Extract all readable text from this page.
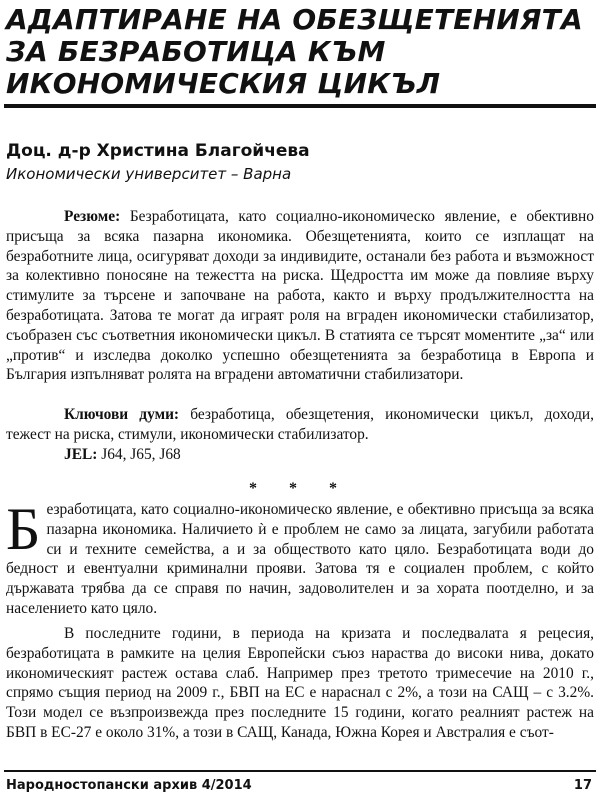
АДАПТИРАНЕ НА ОБЕЗЩЕТЕНИЯТА ЗА БЕЗРАБОТИЦА КЪМ ИКОНОМИЧЕСКИЯ ЦИКЪЛ

Доц. д-р Христина Благойчева

Икономически университет – Варна

Резюме: Безработицата, като социално-икономическо явление, е обективно присъща за всяка пазарна икономика. Обезщетенията, които се изплащат на безработните лица, осигуряват доходи за индивидите, останали без работа и възможност за колективно поносяне на тежестта на риска. Щедростта им може да повлияе върху стимулите за търсене и започване на работа, както и върху продължителността на безработицата. Затова те могат да играят роля на вграден икономически стабилизатор, съобразен със съответния икономически цикъл. В статията се търсят моментите „за“ или „против“ и изследва доколко успешно обезщетенията за безработица в Европа и България изпълняват ролята на вградени автоматични стабилизатори.

Ключови думи: безработица, обезщетения, икономически цикъл, доходи, тежест на риска, стимули, икономически стабилизатор.

JEL: J64, J65, J68

* * *

Безработицата, като социално-икономическо явление, е обективно присъща за всяка пазарна икономика. Наличието ѝ е проблем не само за лицата, загубили работата си и техните семейства, а и за обществото като цяло. Безработицата води до бедност и евентуални криминални прояви. Затова тя е социален проблем, с който държавата трябва да се справя по начин, задоволителен и за хората поотделно, и за населението като цяло.

В последните години, в периода на кризата и последвалата я рецесия, безработицата в рамките на целия Европейски съюз нараства до високи нива, докато икономическият растеж остава слаб. Например през третото тримесечие на 2010 г., спрямо същия период на 2009 г., БВП на ЕС е нараснал с 2%, а този на САЩ – с 3.2%. Този модел се възпроизвежда през последните 15 години, когато реалният растеж на БВП в ЕС-27 е около 31%, а този в САЩ, Канада, Южна Корея и Австралия е съот-

Народностопански архив 4/2014	17
